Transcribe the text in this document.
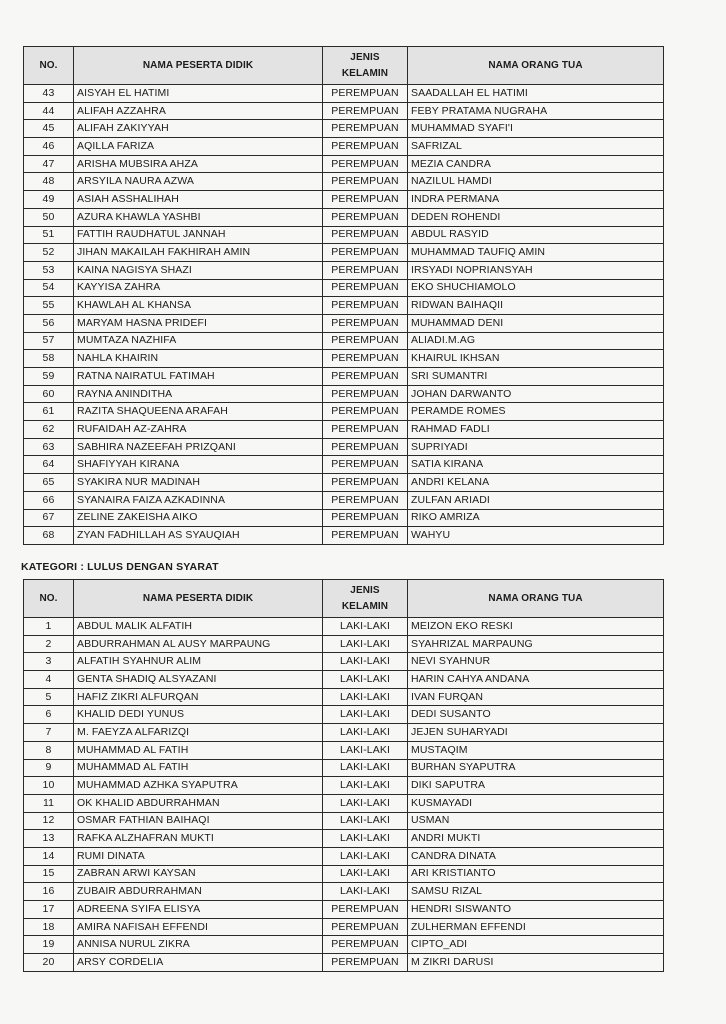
NO.	NAMA PESERTA DIDIK	JENIS KELAMIN	NAMA ORANG TUA
43	AISYAH EL HATIMI	PEREMPUAN	SAADALLAH EL HATIMI
44	ALIFAH AZZAHRA	PEREMPUAN	FEBY PRATAMA NUGRAHA
45	ALIFAH ZAKIYYAH	PEREMPUAN	MUHAMMAD SYAFI'I
46	AQILLA FARIZA	PEREMPUAN	SAFRIZAL
47	ARISHA MUBSIRA AHZA	PEREMPUAN	MEZIA CANDRA
48	ARSYILA NAURA AZWA	PEREMPUAN	NAZILUL HAMDI
49	ASIAH ASSHALIHAH	PEREMPUAN	INDRA PERMANA
50	AZURA KHAWLA YASHBI	PEREMPUAN	DEDEN ROHENDI
51	FATTIH RAUDHATUL JANNAH	PEREMPUAN	ABDUL RASYID
52	JIHAN MAKAILAH FAKHIRAH AMIN	PEREMPUAN	MUHAMMAD TAUFIQ AMIN
53	KAINA NAGISYA SHAZI	PEREMPUAN	IRSYADI NOPRIANSYAH
54	KAYYISA ZAHRA	PEREMPUAN	EKO SHUCHIAMOLO
55	KHAWLAH AL KHANSA	PEREMPUAN	RIDWAN BAIHAQII
56	MARYAM HASNA PRIDEFI	PEREMPUAN	MUHAMMAD DENI
57	MUMTAZA NAZHIFA	PEREMPUAN	ALIADI.M.AG
58	NAHLA KHAIRIN	PEREMPUAN	KHAIRUL IKHSAN
59	RATNA NAIRATUL FATIMAH	PEREMPUAN	SRI SUMANTRI
60	RAYNA ANINDITHA	PEREMPUAN	JOHAN DARWANTO
61	RAZITA SHAQUEENA ARAFAH	PEREMPUAN	PERAMDE ROMES
62	RUFAIDAH AZ-ZAHRA	PEREMPUAN	RAHMAD FADLI
63	SABHIRA NAZEEFAH PRIZQANI	PEREMPUAN	SUPRIYADI
64	SHAFIYYAH KIRANA	PEREMPUAN	SATIA KIRANA
65	SYAKIRA NUR MADINAH	PEREMPUAN	ANDRI KELANA
66	SYANAIRA FAIZA AZKADINNA	PEREMPUAN	ZULFAN ARIADI
67	ZELINE ZAKEISHA AIKO	PEREMPUAN	RIKO AMRIZA
68	ZYAN FADHILLAH AS SYAUQIAH	PEREMPUAN	WAHYU
KATEGORI : LULUS DENGAN SYARAT
NO.	NAMA PESERTA DIDIK	JENIS KELAMIN	NAMA ORANG TUA
1	ABDUL MALIK ALFATIH	LAKI-LAKI	MEIZON EKO RESKI
2	ABDURRAHMAN AL AUSY MARPAUNG	LAKI-LAKI	SYAHRIZAL MARPAUNG
3	ALFATIH SYAHNUR ALIM	LAKI-LAKI	NEVI SYAHNUR
4	GENTA SHADIQ ALSYAZANI	LAKI-LAKI	HARIN CAHYA ANDANA
5	HAFIZ ZIKRI ALFURQAN	LAKI-LAKI	IVAN FURQAN
6	KHALID DEDI YUNUS	LAKI-LAKI	DEDI SUSANTO
7	M. FAEYZA ALFARIZQI	LAKI-LAKI	JEJEN SUHARYADI
8	MUHAMMAD AL FATIH	LAKI-LAKI	MUSTAQIM
9	MUHAMMAD AL FATIH	LAKI-LAKI	BURHAN SYAPUTRA
10	MUHAMMAD AZHKA SYAPUTRA	LAKI-LAKI	DIKI SAPUTRA
11	OK KHALID ABDURRAHMAN	LAKI-LAKI	KUSMAYADI
12	OSMAR FATHIAN BAIHAQI	LAKI-LAKI	USMAN
13	RAFKA ALZHAFRAN MUKTI	LAKI-LAKI	ANDRI MUKTI
14	RUMI DINATA	LAKI-LAKI	CANDRA DINATA
15	ZABRAN ARWI KAYSAN	LAKI-LAKI	ARI KRISTIANTO
16	ZUBAIR ABDURRAHMAN	LAKI-LAKI	SAMSU RIZAL
17	ADREENA SYIFA ELISYA	PEREMPUAN	HENDRI SISWANTO
18	AMIRA NAFISAH EFFENDI	PEREMPUAN	ZULHERMAN EFFENDI
19	ANNISA NURUL ZIKRA	PEREMPUAN	CIPTO_ADI
20	ARSY CORDELIA	PEREMPUAN	M ZIKRI DARUSI
